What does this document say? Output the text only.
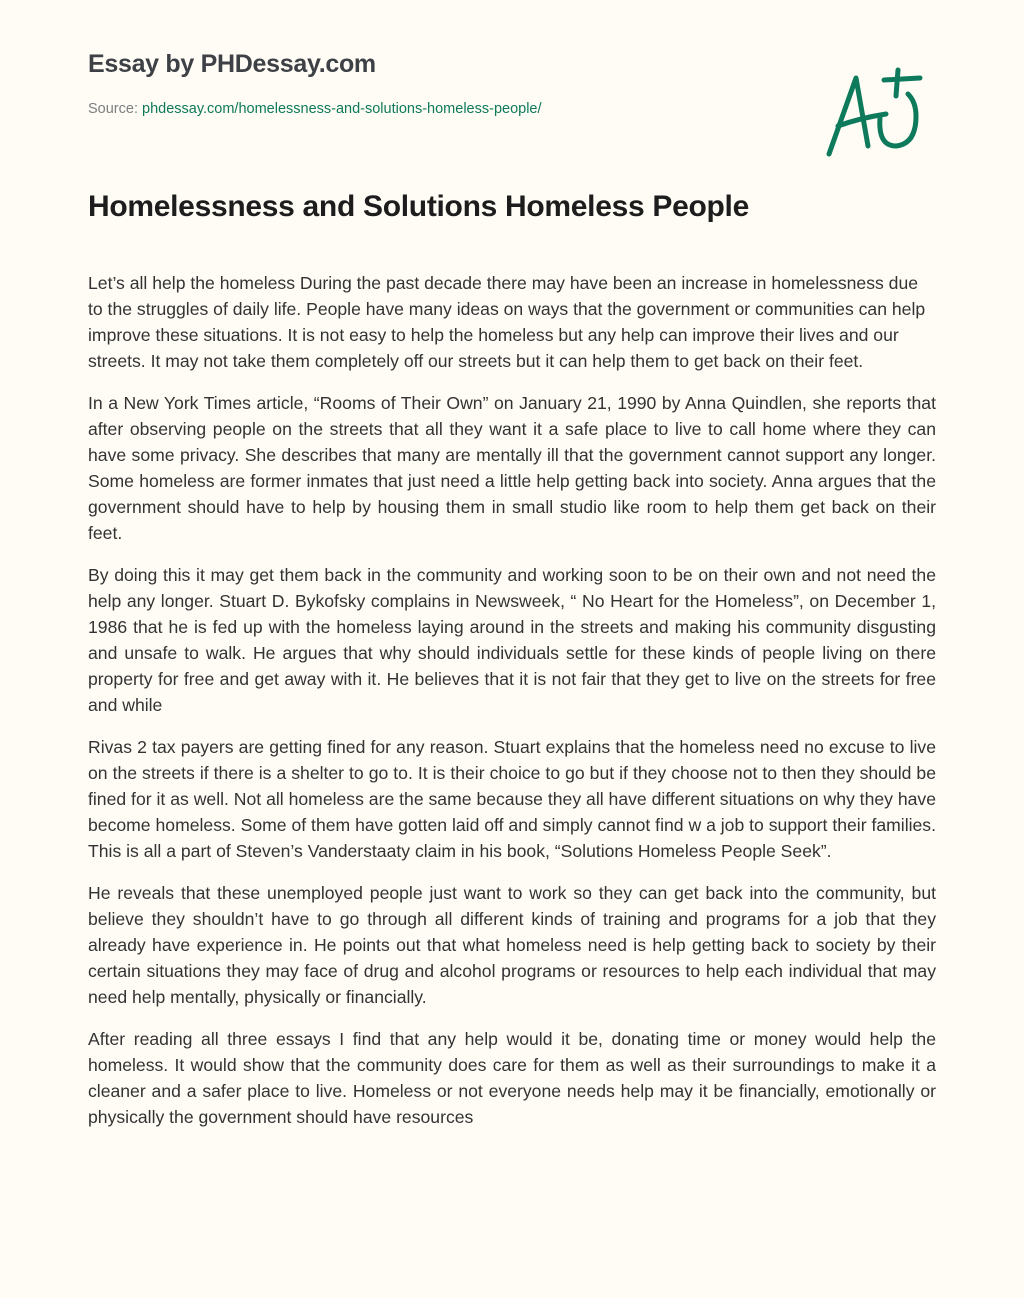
Essay by PHDessay.com
Source: phdessay.com/homelessness-and-solutions-homeless-people/
Homelessness and Solutions Homeless People

Let’s all help the homeless During the past decade there may have been an increase in homelessness due to the struggles of daily life. People have many ideas on ways that the government or communities can help improve these situations. It is not easy to help the homeless but any help can improve their lives and our streets. It may not take them completely off our streets but it can help them to get back on their feet.

In a New York Times article, “Rooms of Their Own” on January 21, 1990 by Anna Quindlen, she reports that after observing people on the streets that all they want it a safe place to live to call home where they can have some privacy. She describes that many are mentally ill that the government cannot support any longer. Some homeless are former inmates that just need a little help getting back into society. Anna argues that the government should have to help by housing them in small studio like room to help them get back on their feet.

By doing this it may get them back in the community and working soon to be on their own and not need the help any longer. Stuart D. Bykofsky complains in Newsweek, “ No Heart for the Homeless”, on December 1, 1986 that he is fed up with the homeless laying around in the streets and making his community disgusting and unsafe to walk. He argues that why should individuals settle for these kinds of people living on there property for free and get away with it. He believes that it is not fair that they get to live on the streets for free and while

Rivas 2 tax payers are getting fined for any reason. Stuart explains that the homeless need no excuse to live on the streets if there is a shelter to go to. It is their choice to go but if they choose not to then they should be fined for it as well. Not all homeless are the same because they all have different situations on why they have become homeless. Some of them have gotten laid off and simply cannot find w a job to support their families. This is all a part of Steven’s Vanderstaaty claim in his book, “Solutions Homeless People Seek”.

He reveals that these unemployed people just want to work so they can get back into the community, but believe they shouldn’t have to go through all different kinds of training and programs for a job that they already have experience in. He points out that what homeless need is help getting back to society by their certain situations they may face of drug and alcohol programs or resources to help each individual that may need help mentally, physically or financially.

After reading all three essays I find that any help would it be, donating time or money would help the homeless. It would show that the community does care for them as well as their surroundings to make it a cleaner and a safer place to live. Homeless or not everyone needs help may it be financially, emotionally or physically the government should have resources
